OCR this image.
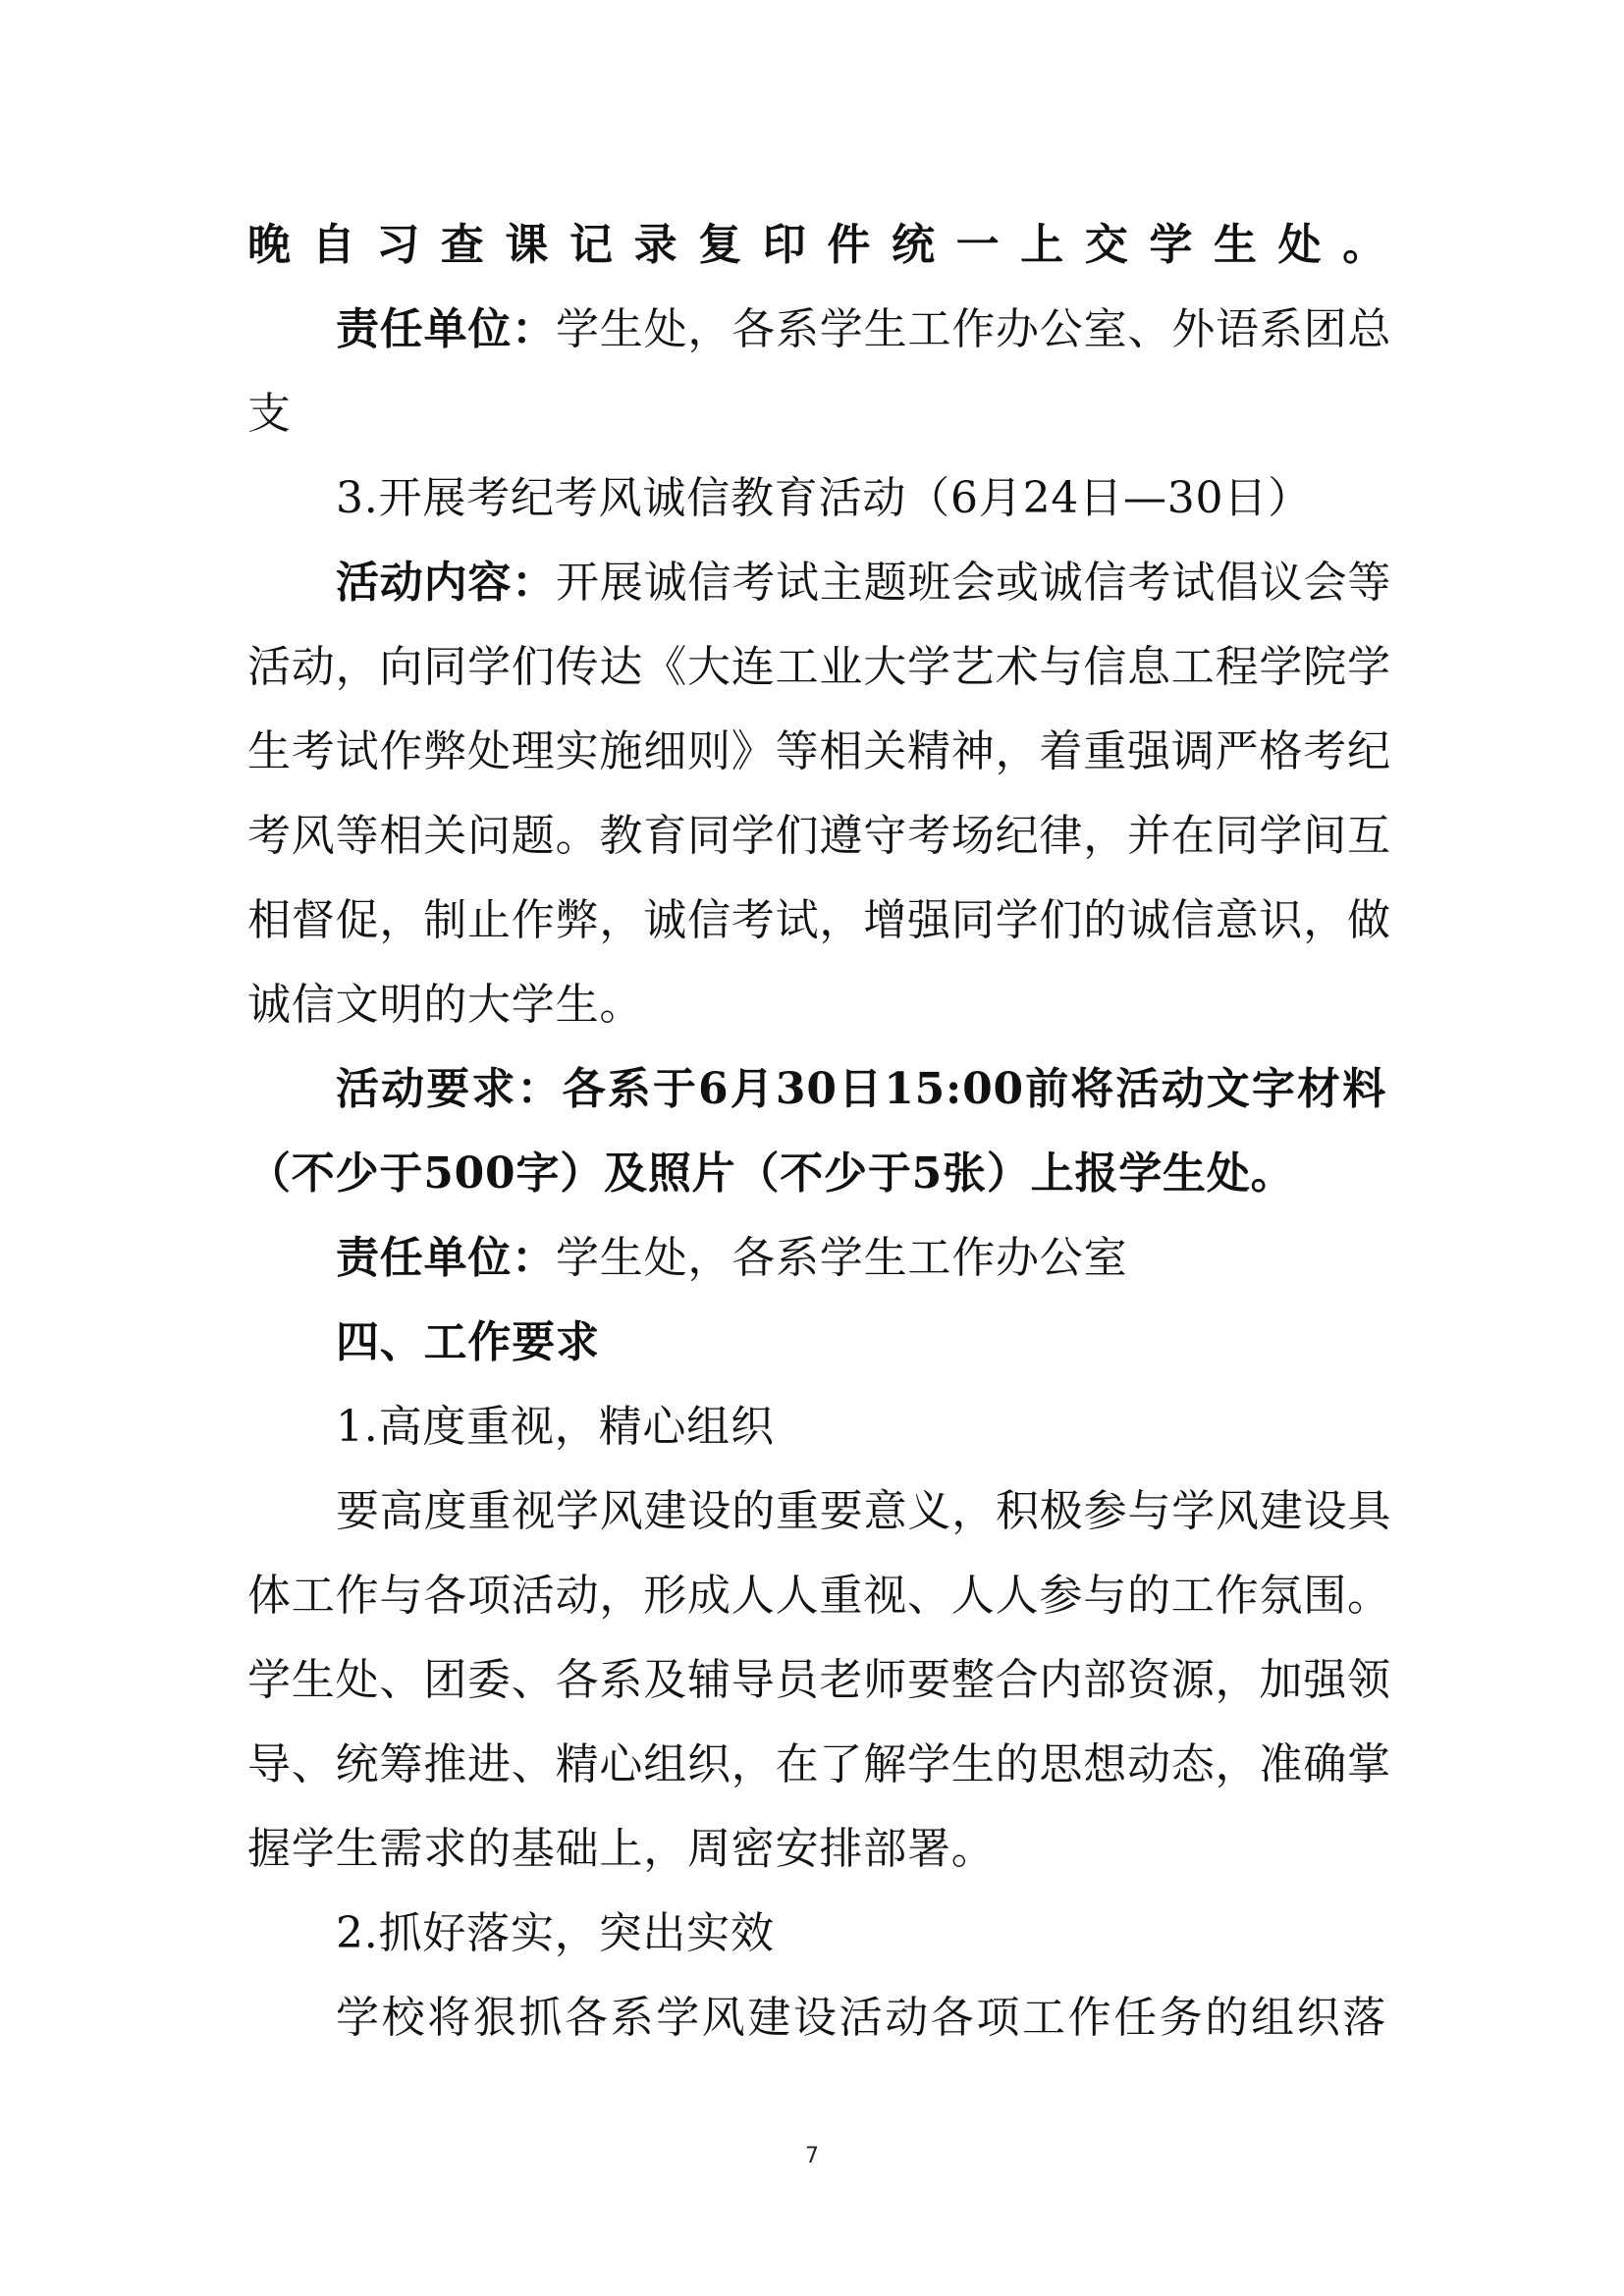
晚自习查课记录复印件统一上交学生处。

责任单位：学生处，各系学生工作办公室、外语系团总

支

3.开展考纪考风诚信教育活动（6月24日—30日）

活动内容：开展诚信考试主题班会或诚信考试倡议会等

活动，向同学们传达《大连工业大学艺术与信息工程学院学

生考试作弊处理实施细则》等相关精神，着重强调严格考纪

考风等相关问题。教育同学们遵守考场纪律，并在同学间互

相督促，制止作弊，诚信考试，增强同学们的诚信意识，做

诚信文明的大学生。

活动要求：各系于6月30日15:00前将活动文字材料

（不少于500字）及照片（不少于5张）上报学生处。

责任单位：学生处，各系学生工作办公室

四、工作要求

1.高度重视，精心组织

要高度重视学风建设的重要意义，积极参与学风建设具

体工作与各项活动，形成人人重视、人人参与的工作氛围。

学生处、团委、各系及辅导员老师要整合内部资源，加强领

导、统筹推进、精心组织，在了解学生的思想动态，准确掌

握学生需求的基础上，周密安排部署。

2.抓好落实，突出实效

学校将狠抓各系学风建设活动各项工作任务的组织落

7
